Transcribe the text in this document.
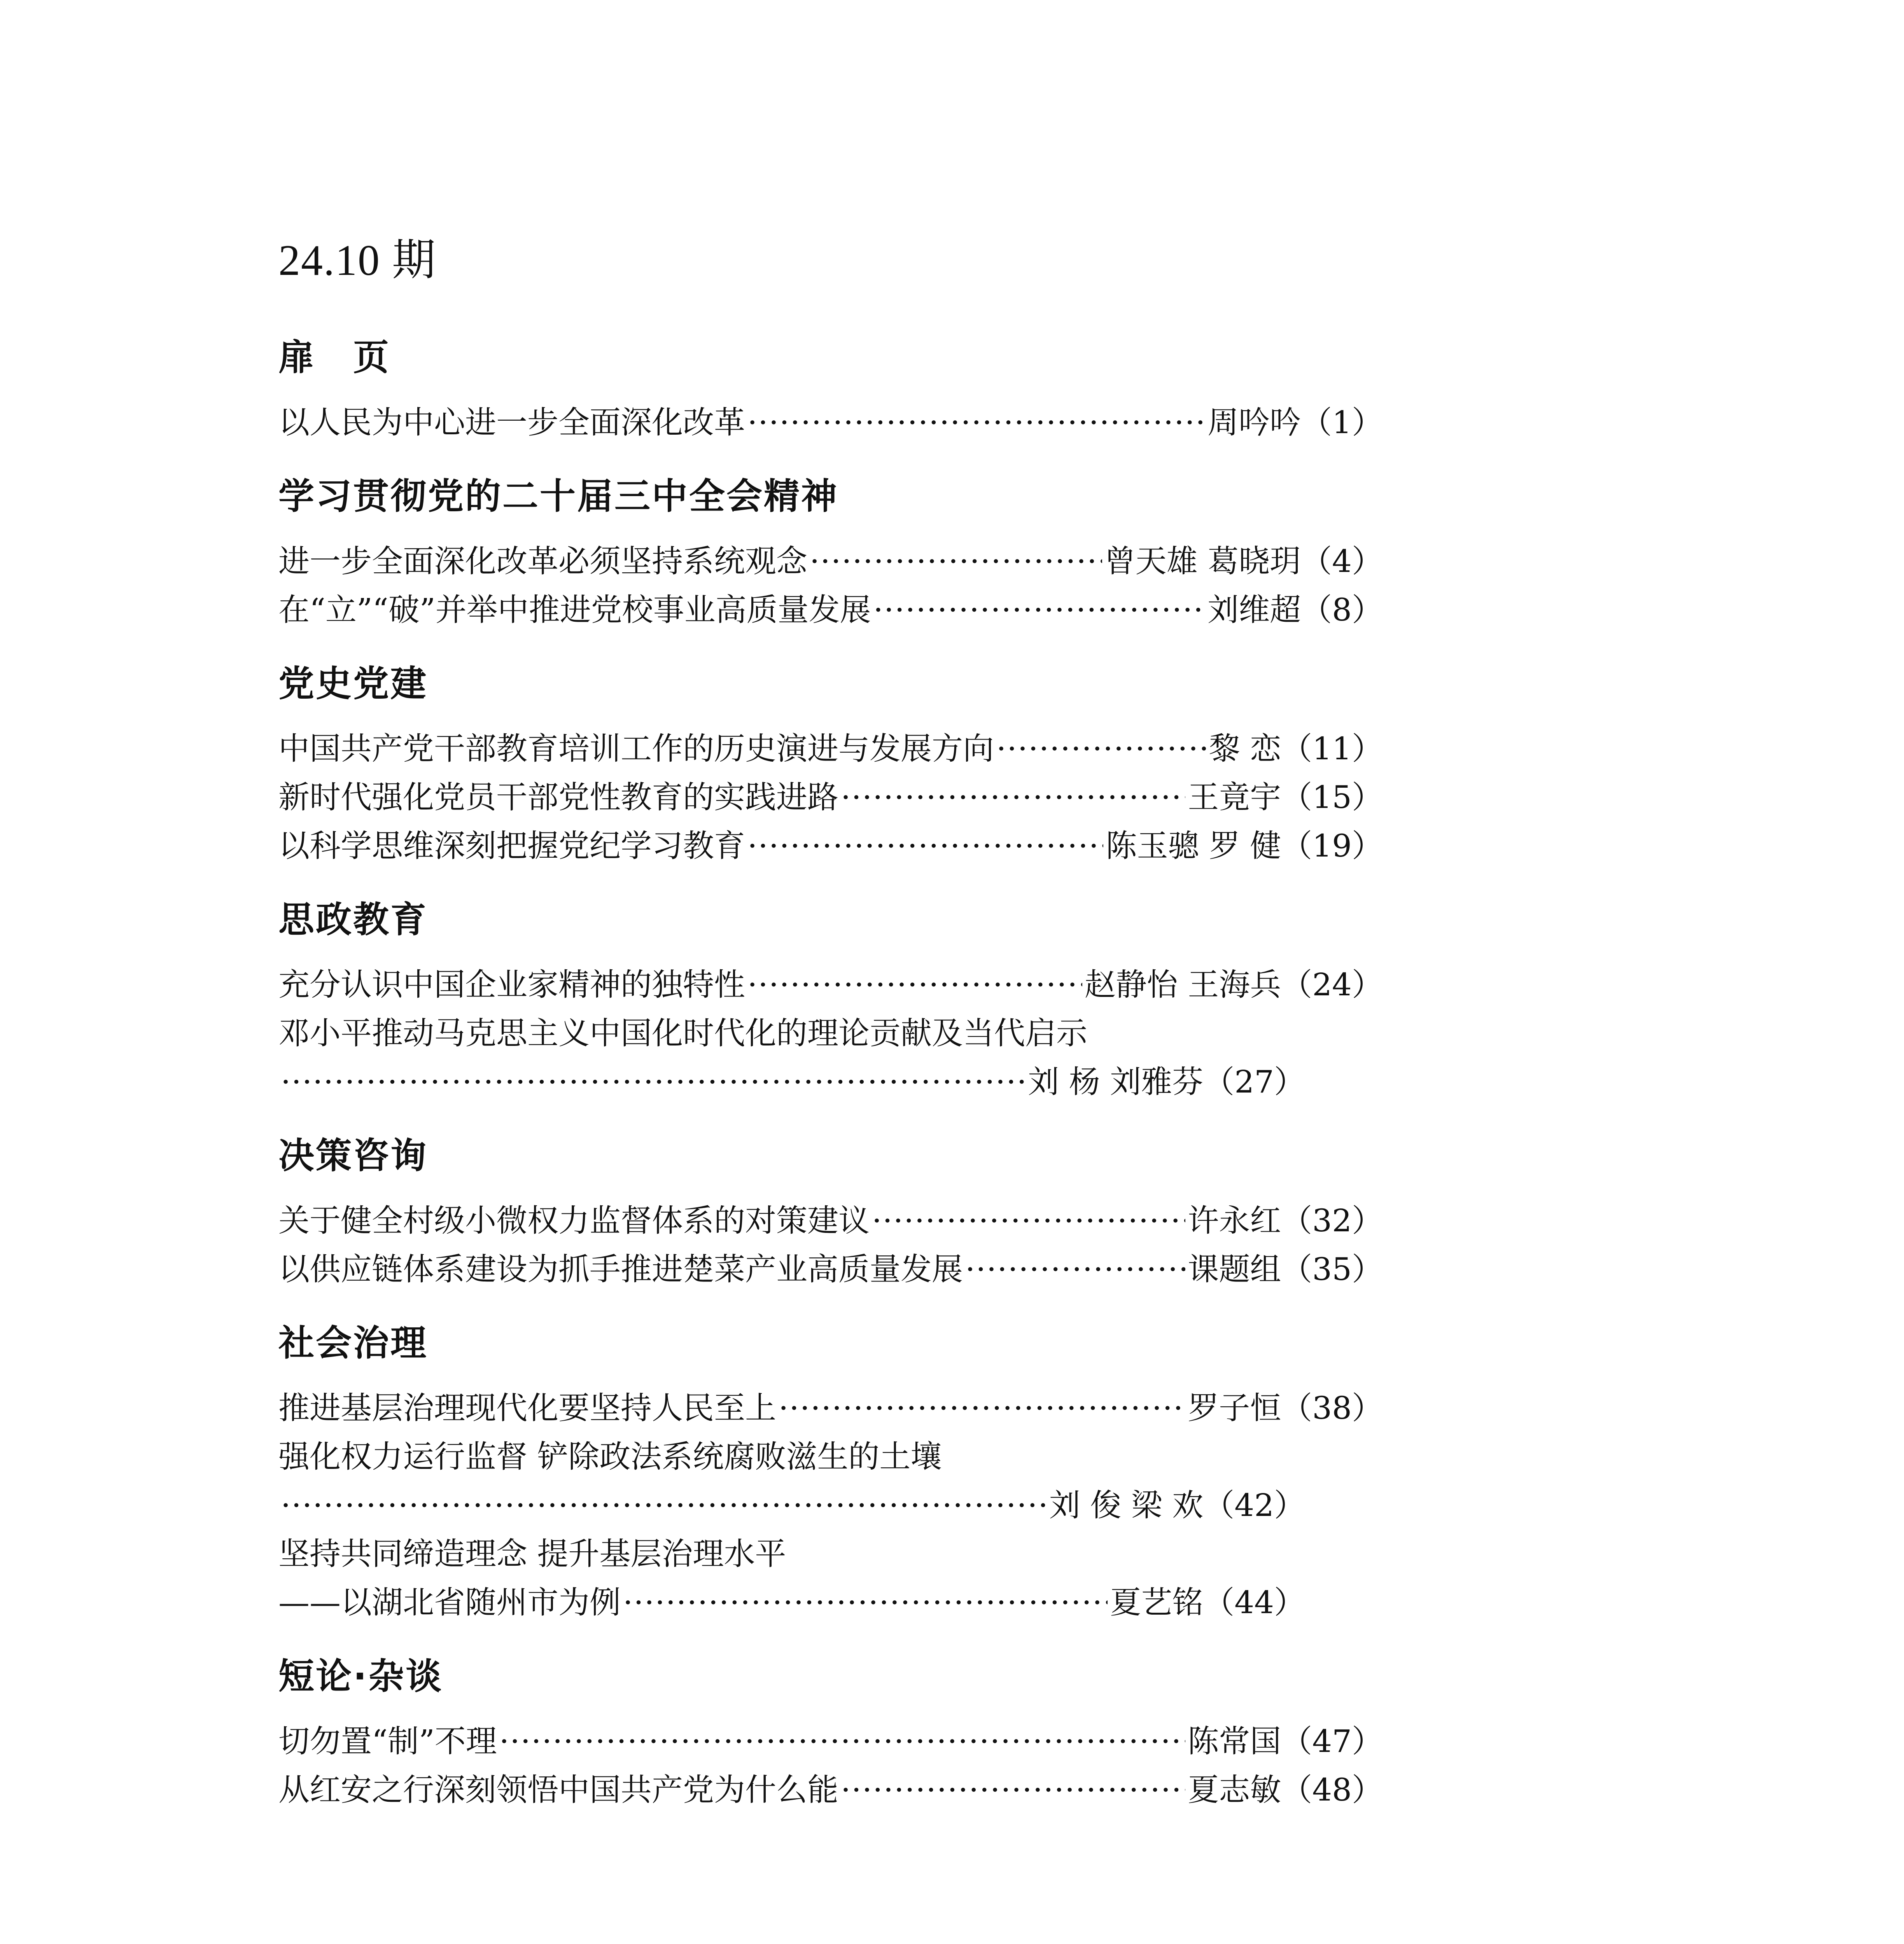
24.10 期
扉　页
以人民为中心进一步全面深化改革 ·····	周吟吟 （1）
学习贯彻党的二十届三中全会精神
进一步全面深化改革必须坚持系统观念 ·····	曾天雄 葛晓玥 （4）
在“立”“破”并举中推进党校事业高质量发展 ·····	刘维超 （8）
党史党建
中国共产党干部教育培训工作的历史演进与发展方向 ·····	黎 恋 （11）
新时代强化党员干部党性教育的实践进路 ·····	王竟宇 （15）
以科学思维深刻把握党纪学习教育 ·····	陈玉骢 罗 健 （19）
思政教育
充分认识中国企业家精神的独特性 ·····	赵静怡 王海兵 （24）
邓小平推动马克思主义中国化时代化的理论贡献及当代启示
·····
刘 杨 刘雅芬 （27）
决策咨询
关于健全村级小微权力监督体系的对策建议 ·····	许永红 （32）
以供应链体系建设为抓手推进楚菜产业高质量发展 ·····	课题组 （35）
社会治理
推进基层治理现代化要坚持人民至上 ·····	罗子恒 （38）
强化权力运行监督 铲除政法系统腐败滋生的土壤
·····
刘 俊 梁 欢 （42）
坚持共同缔造理念 提升基层治理水平
——以湖北省随州市为例 ·····	夏艺铭 （44）
短论·杂谈
切勿置“制”不理 ·····	陈常国 （47）
从红安之行深刻领悟中国共产党为什么能 ·····	夏志敏 （48）
